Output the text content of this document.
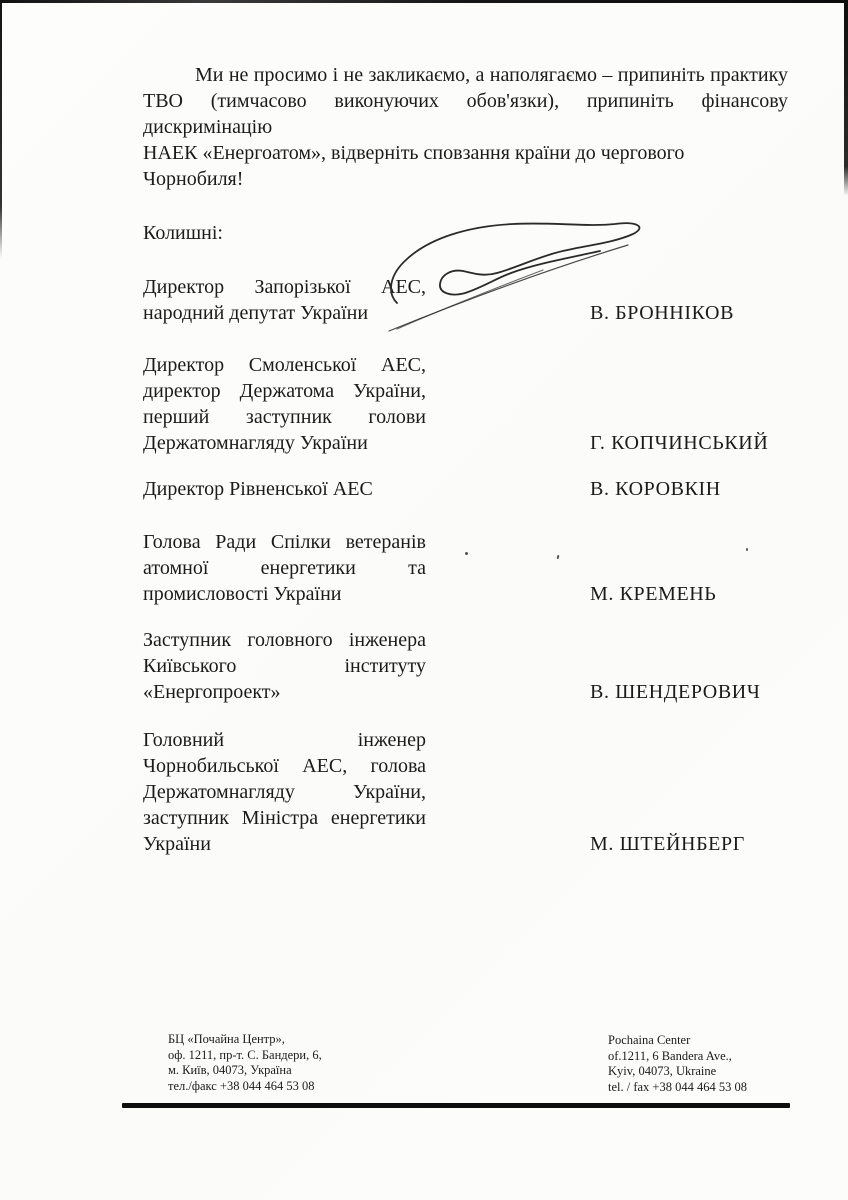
Ми не просимо і не закликаємо, а наполягаємо – припиніть практику
ТВО (тимчасово виконуючих обов'язки), припиніть фінансову дискримінацію
НАЕК «Енергоатом», відверніть сповзання країни до чергового Чорнобиля!
Колишні:
Директор Запорізької АЕС,
народний депутат України	В. БРОННІКОВ
Директор Смоленської АЕС,
директор Держатома України,
перший заступник голови
Держатомнагляду України	Г. КОПЧИНСЬКИЙ
Директор Рівненської АЕС	В. КОРОВКІН
Голова Ради Спілки ветеранів
атомної енергетики та
промисловості України	М. КРЕМЕНЬ
Заступник головного інженера
Київського інституту
«Енергопроект»	В. ШЕНДЕРОВИЧ
Головний інженер
Чорнобильської АЕС, голова
Держатомнагляду України,
заступник Міністра енергетики
України	М. ШТЕЙНБЕРГ
БЦ «Почайна Центр»,
оф. 1211, пр-т. С. Бандери, 6,
м. Київ, 04073, Україна
тел./факс +38 044 464 53 08
Pochaina Center
of.1211, 6 Bandera Ave.,
Kyiv, 04073, Ukraine
tel. / fax +38 044 464 53 08
